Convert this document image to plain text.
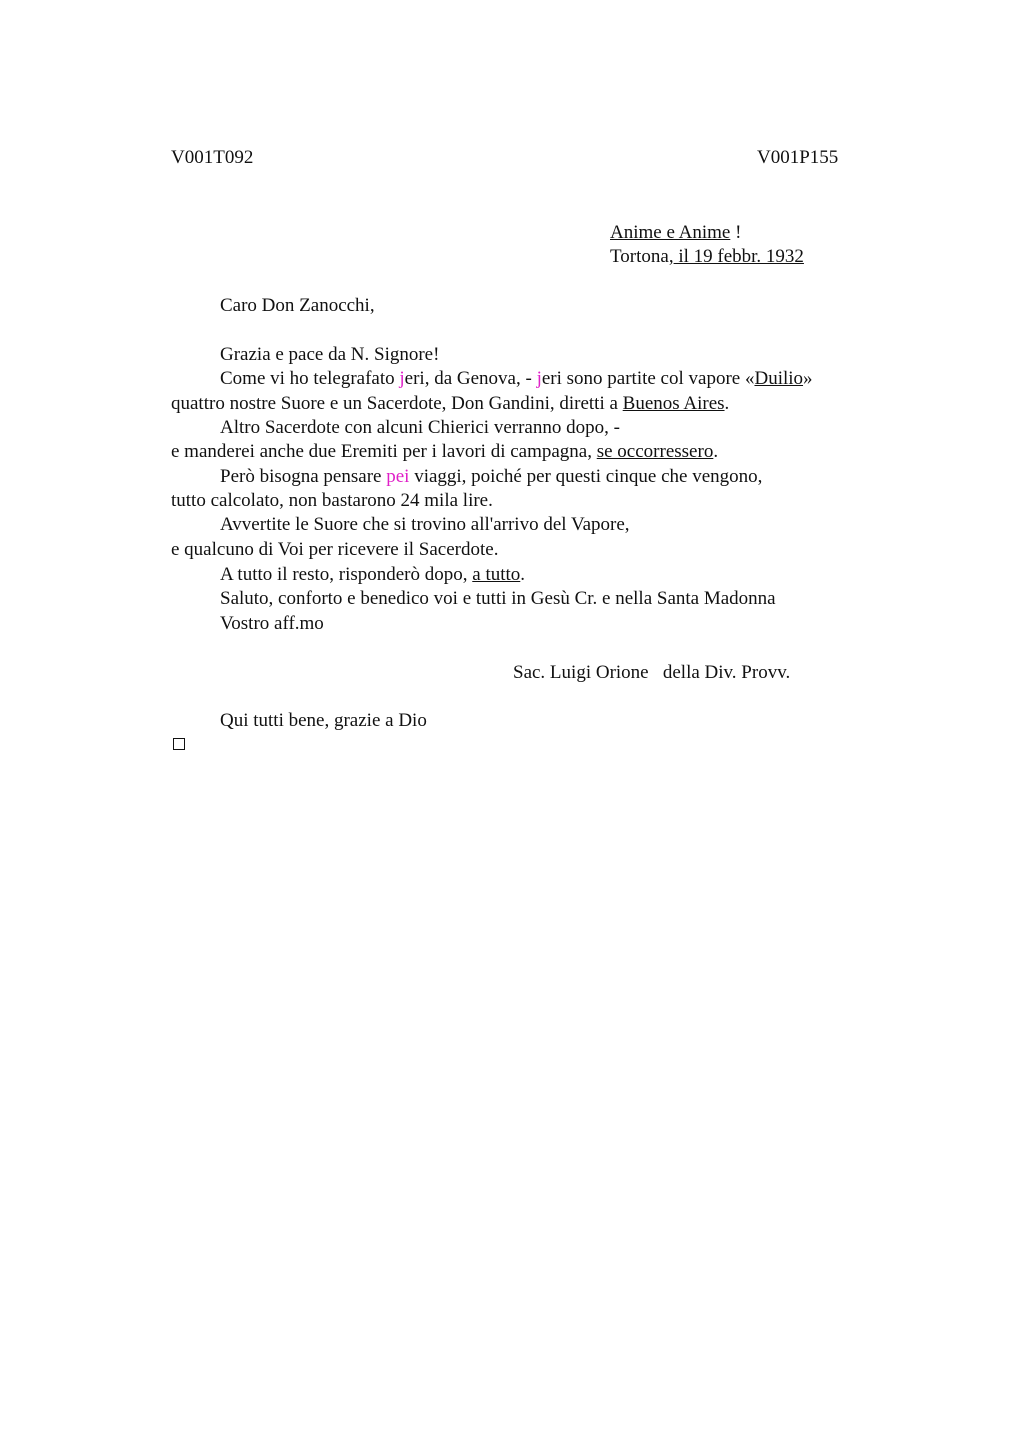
V001T092	V001P155
Anime e Anime !
Tortona, il 19 febbr. 1932
Caro Don Zanocchi,
Grazia e pace da N. Signore!
Come vi ho telegrafato jeri, da Genova, - jeri sono partite col vapore «Duilio»
quattro nostre Suore e un Sacerdote, Don Gandini, diretti a Buenos Aires.
Altro Sacerdote con alcuni Chierici verranno dopo, -
e manderei anche due Eremiti per i lavori di campagna, se occorressero.
Però bisogna pensare pei viaggi, poiché per questi cinque che vengono,
tutto calcolato, non bastarono 24 mila lire.
Avvertite le Suore che si trovino all'arrivo del Vapore,
e qualcuno di Voi per ricevere il Sacerdote.
A tutto il resto, risponderò dopo, a tutto.
Saluto, conforto e benedico voi e tutti in Gesù Cr. e nella Santa Madonna
Vostro aff.mo
Sac. Luigi Orione   della Div. Provv.
Qui tutti bene, grazie a Dio
